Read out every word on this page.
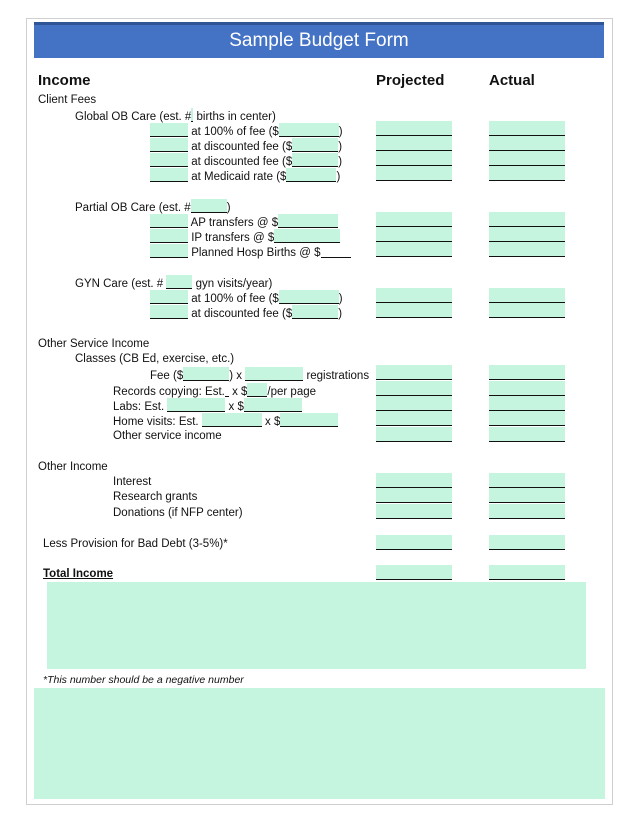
Sample Budget Form
Income	Projected	Actual
Client Fees
Global OB Care (est. # births in center)
at 100% of fee ($	)
at discounted fee ($	)
at discounted fee ($	)
at Medicaid rate ($	)
Partial OB Care (est. #	)
AP transfers @ $
IP transfers @ $
Planned Hosp Births @ $
GYN Care (est. #	gyn visits/year)
at 100% of fee ($	)
at discounted fee ($	)
Other Service Income
Classes (CB Ed, exercise, etc.)
Fee ($	) x	registrations
Records copying: Est. x $ /per page
Labs: Est.	x $
Home visits: Est.	x $
Other service income
Other Income
Interest
Research grants
Donations (if NFP center)
Less Provision for Bad Debt (3-5%)*
Total Income
*This number should be a negative number
